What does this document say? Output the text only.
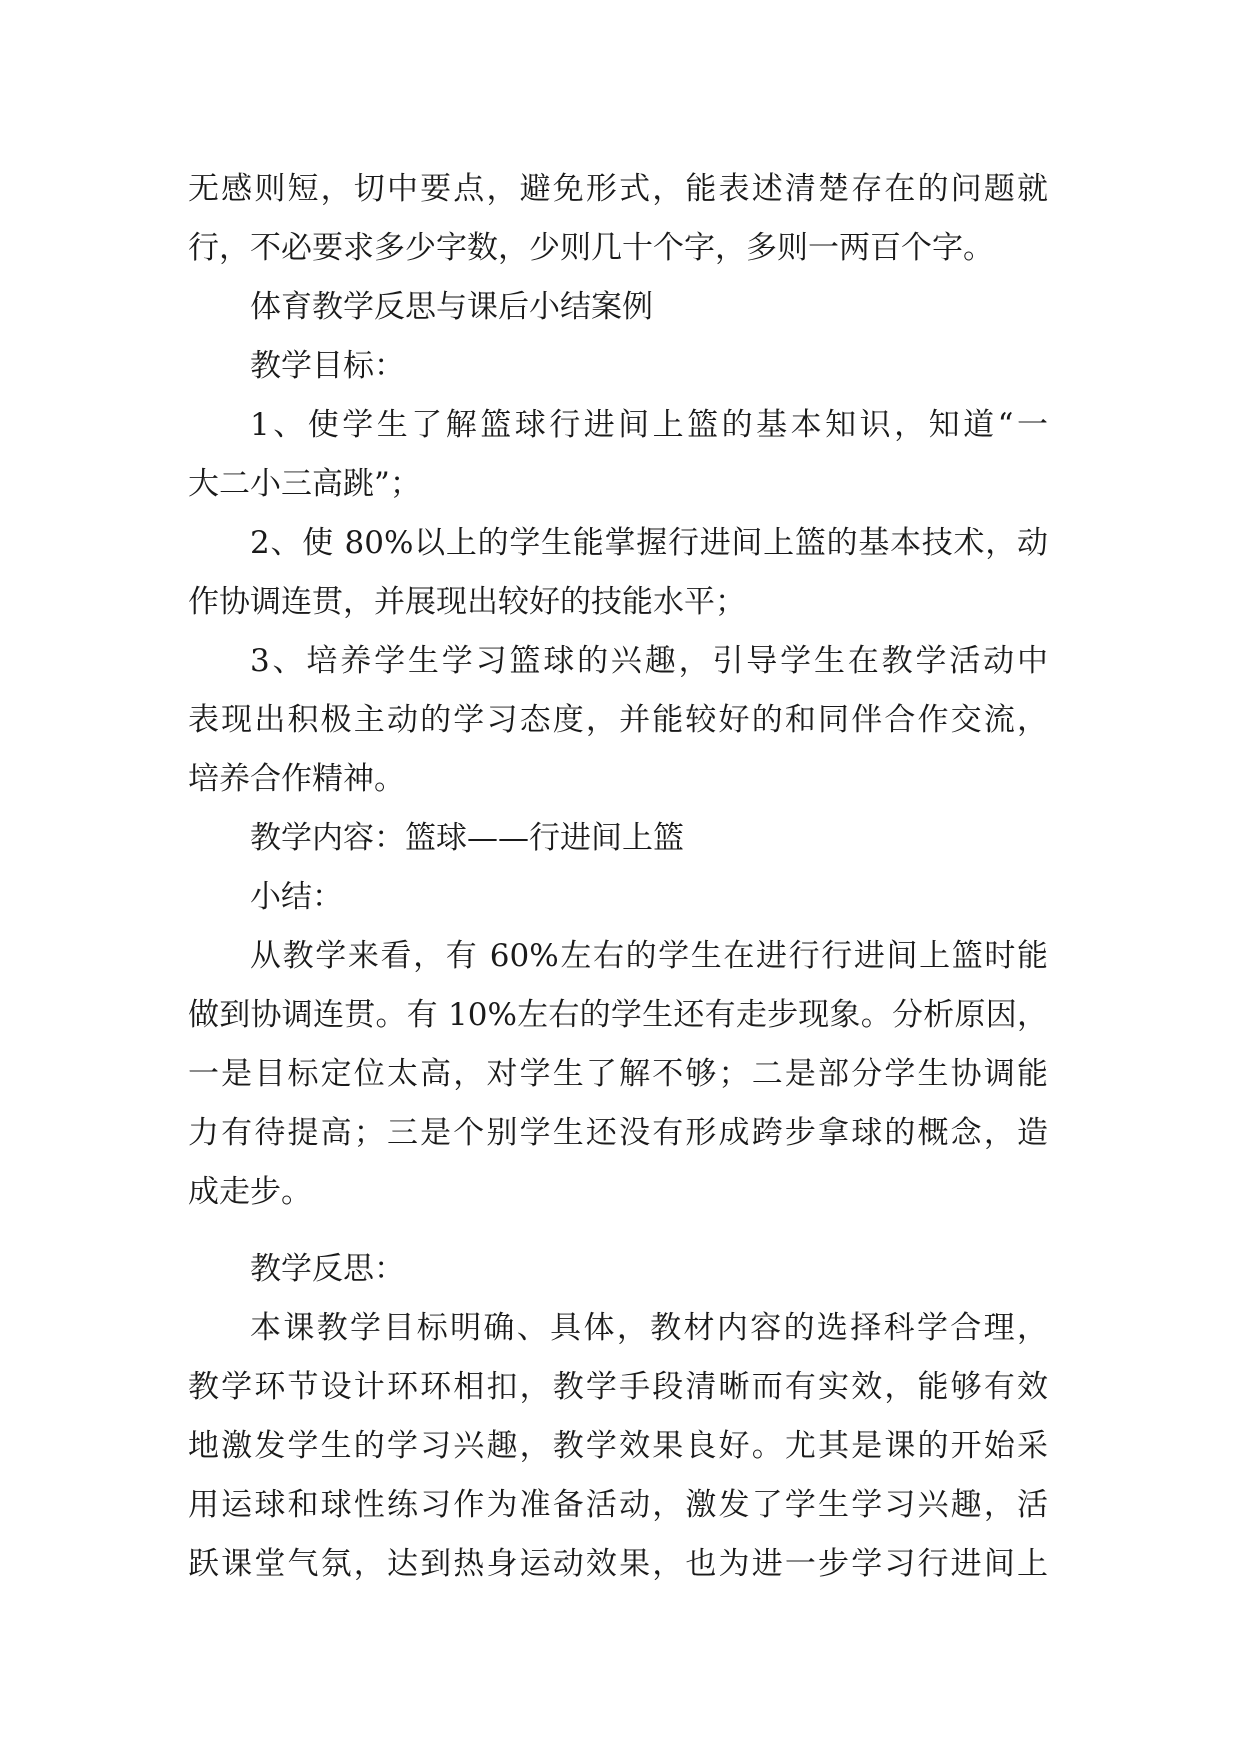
无感则短，切中要点，避免形式，能表述清楚存在的问题就
行，不必要求多少字数，少则几十个字，多则一两百个字。
体育教学反思与课后小结案例
教学目标：
1、使学生了解篮球行进间上篮的基本知识，知道“一
大二小三高跳”；
2、使 80%以上的学生能掌握行进间上篮的基本技术，动
作协调连贯，并展现出较好的技能水平；
3、培养学生学习篮球的兴趣，引导学生在教学活动中
表现出积极主动的学习态度，并能较好的和同伴合作交流，
培养合作精神。
教学内容：篮球——行进间上篮
小结：
从教学来看，有 60%左右的学生在进行行进间上篮时能
做到协调连贯。有 10%左右的学生还有走步现象。分析原因，
一是目标定位太高，对学生了解不够；二是部分学生协调能
力有待提高；三是个别学生还没有形成跨步拿球的概念，造
成走步。
教学反思：
本课教学目标明确、具体，教材内容的选择科学合理，
教学环节设计环环相扣，教学手段清晰而有实效，能够有效
地激发学生的学习兴趣，教学效果良好。尤其是课的开始采
用运球和球性练习作为准备活动，激发了学生学习兴趣，活
跃课堂气氛，达到热身运动效果，也为进一步学习行进间上
